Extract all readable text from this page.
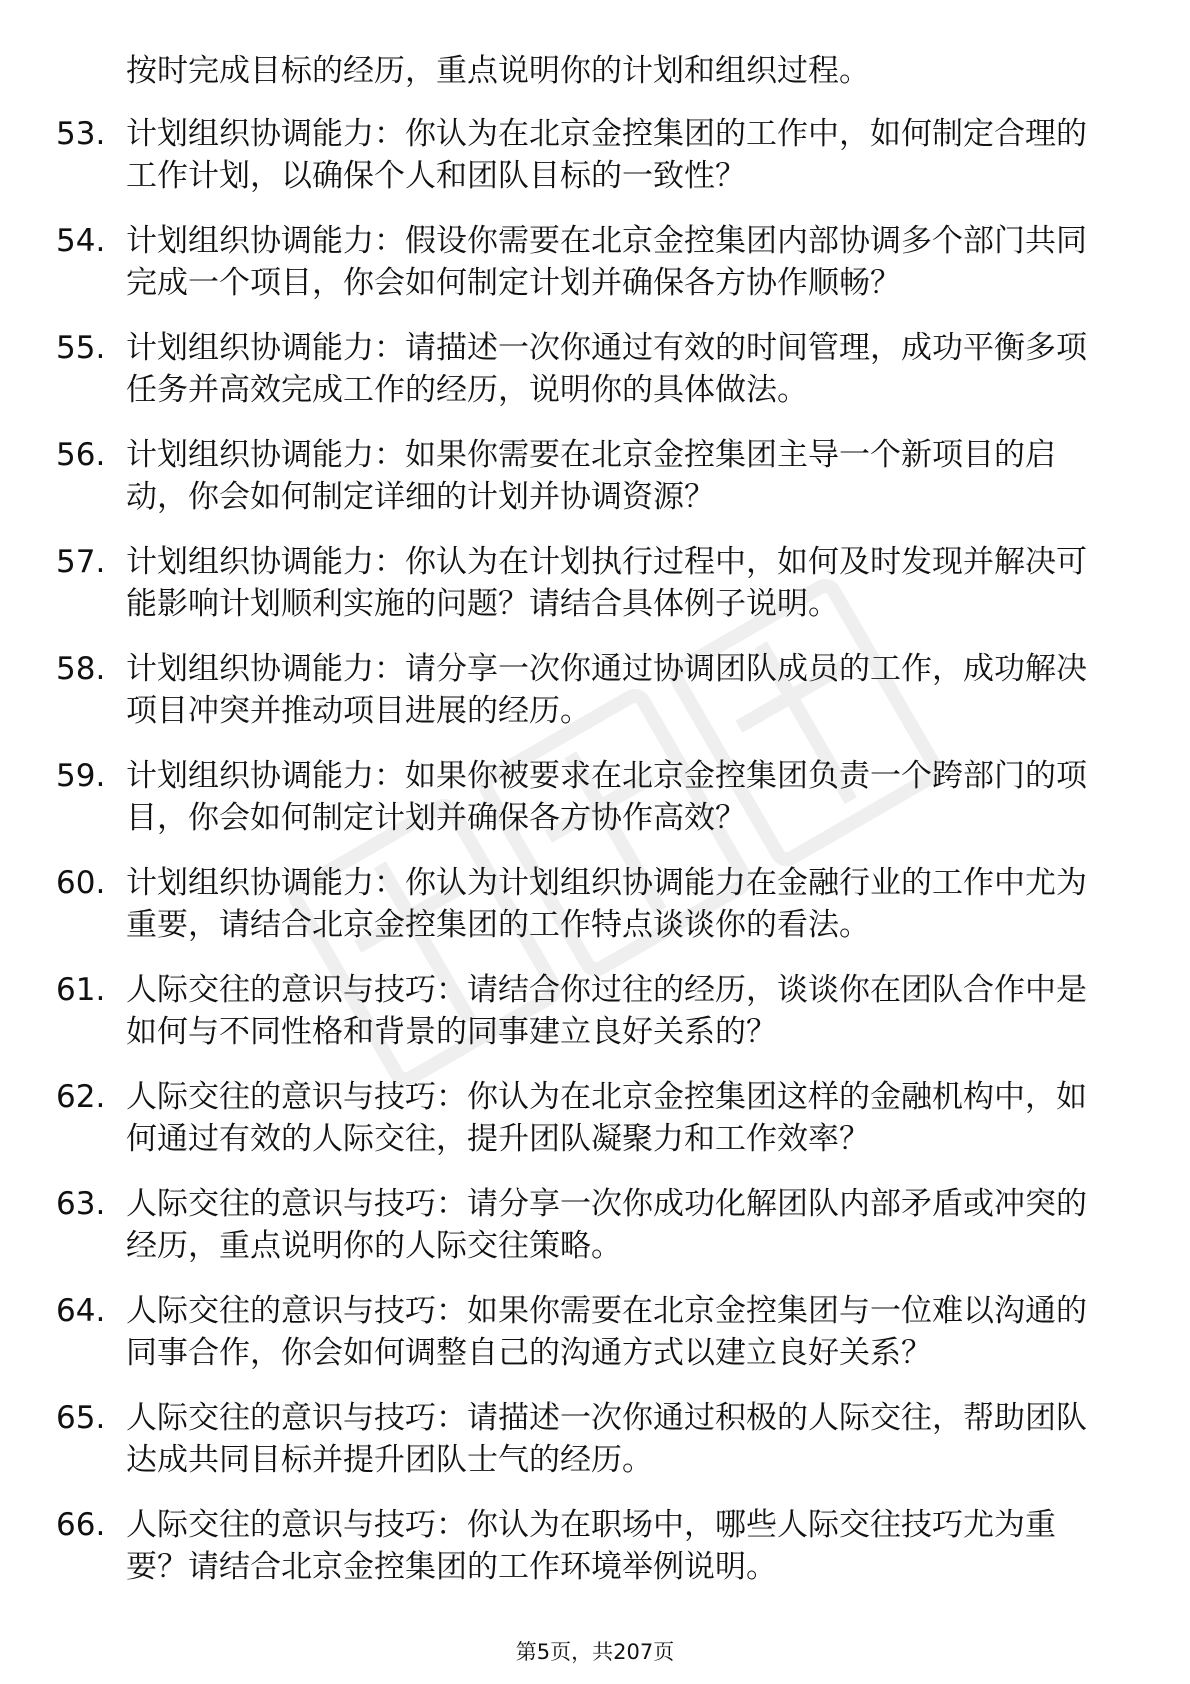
按时完成目标的经历，重点说明你的计划和组织过程。

53. 计划组织协调能力：你认为在北京金控集团的工作中，如何制定合理的工作计划，以确保个人和团队目标的一致性？
54. 计划组织协调能力：假设你需要在北京金控集团内部协调多个部门共同完成一个项目，你会如何制定计划并确保各方协作顺畅？
55. 计划组织协调能力：请描述一次你通过有效的时间管理，成功平衡多项任务并高效完成工作的经历，说明你的具体做法。
56. 计划组织协调能力：如果你需要在北京金控集团主导一个新项目的启动，你会如何制定详细的计划并协调资源？
57. 计划组织协调能力：你认为在计划执行过程中，如何及时发现并解决可能影响计划顺利实施的问题？请结合具体例子说明。
58. 计划组织协调能力：请分享一次你通过协调团队成员的工作，成功解决项目冲突并推动项目进展的经历。
59. 计划组织协调能力：如果你被要求在北京金控集团负责一个跨部门的项目，你会如何制定计划并确保各方协作高效？
60. 计划组织协调能力：你认为计划组织协调能力在金融行业的工作中尤为重要，请结合北京金控集团的工作特点谈谈你的看法。
61. 人际交往的意识与技巧：请结合你过往的经历，谈谈你在团队合作中是如何与不同性格和背景的同事建立良好关系的？
62. 人际交往的意识与技巧：你认为在北京金控集团这样的金融机构中，如何通过有效的人际交往，提升团队凝聚力和工作效率？
63. 人际交往的意识与技巧：请分享一次你成功化解团队内部矛盾或冲突的经历，重点说明你的人际交往策略。
64. 人际交往的意识与技巧：如果你需要在北京金控集团与一位难以沟通的同事合作，你会如何调整自己的沟通方式以建立良好关系？
65. 人际交往的意识与技巧：请描述一次你通过积极的人际交往，帮助团队达成共同目标并提升团队士气的经历。
66. 人际交往的意识与技巧：你认为在职场中，哪些人际交往技巧尤为重要？请结合北京金控集团的工作环境举例说明。
第5页，共207页
